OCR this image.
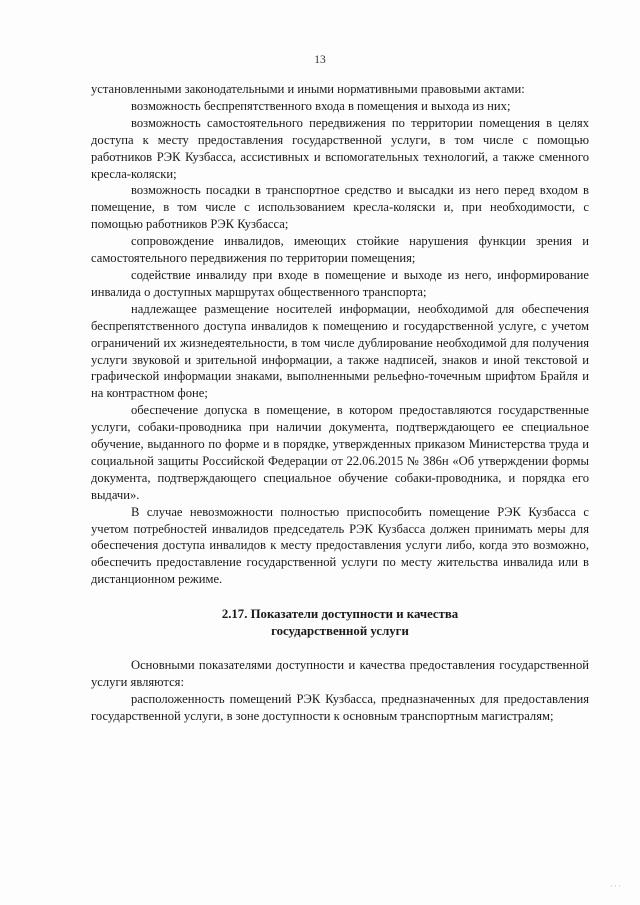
13

установленными законодательными и иными нормативными правовыми актами:

возможность беспрепятственного входа в помещения и выхода из них;

возможность самостоятельного передвижения по территории помещения в целях доступа к месту предоставления государственной услуги, в том числе с помощью работников РЭК Кузбасса, ассистивных и вспомогательных технологий, а также сменного кресла-коляски;

возможность посадки в транспортное средство и высадки из него перед входом в помещение, в том числе с использованием кресла-коляски и, при необходимости, с помощью работников РЭК Кузбасса;

сопровождение инвалидов, имеющих стойкие нарушения функции зрения и самостоятельного передвижения по территории помещения;

содействие инвалиду при входе в помещение и выходе из него, информирование инвалида о доступных маршрутах общественного транспорта;

надлежащее размещение носителей информации, необходимой для обеспечения беспрепятственного доступа инвалидов к помещению и государственной услуге, с учетом ограничений их жизнедеятельности, в том числе дублирование необходимой для получения услуги звуковой и зрительной информации, а также надписей, знаков и иной текстовой и графической информации знаками, выполненными рельефно-точечным шрифтом Брайля и на контрастном фоне;

обеспечение допуска в помещение, в котором предоставляются государственные услуги, собаки-проводника при наличии документа, подтверждающего ее специальное обучение, выданного по форме и в порядке, утвержденных приказом Министерства труда и социальной защиты Российской Федерации от 22.06.2015 № 386н «Об утверждении формы документа, подтверждающего специальное обучение собаки-проводника, и порядка его выдачи».

В случае невозможности полностью приспособить помещение РЭК Кузбасса с учетом потребностей инвалидов председатель РЭК Кузбасса должен принимать меры для обеспечения доступа инвалидов к месту предоставления услуги либо, когда это возможно, обеспечить предоставление государственной услуги по месту жительства инвалида или в дистанционном режиме.

2.17. Показатели доступности и качества
государственной услуги

Основными показателями доступности и качества предоставления государственной услуги являются:

расположенность помещений РЭК Кузбасса, предназначенных для предоставления государственной услуги, в зоне доступности к основным транспортным магистралям;

···
